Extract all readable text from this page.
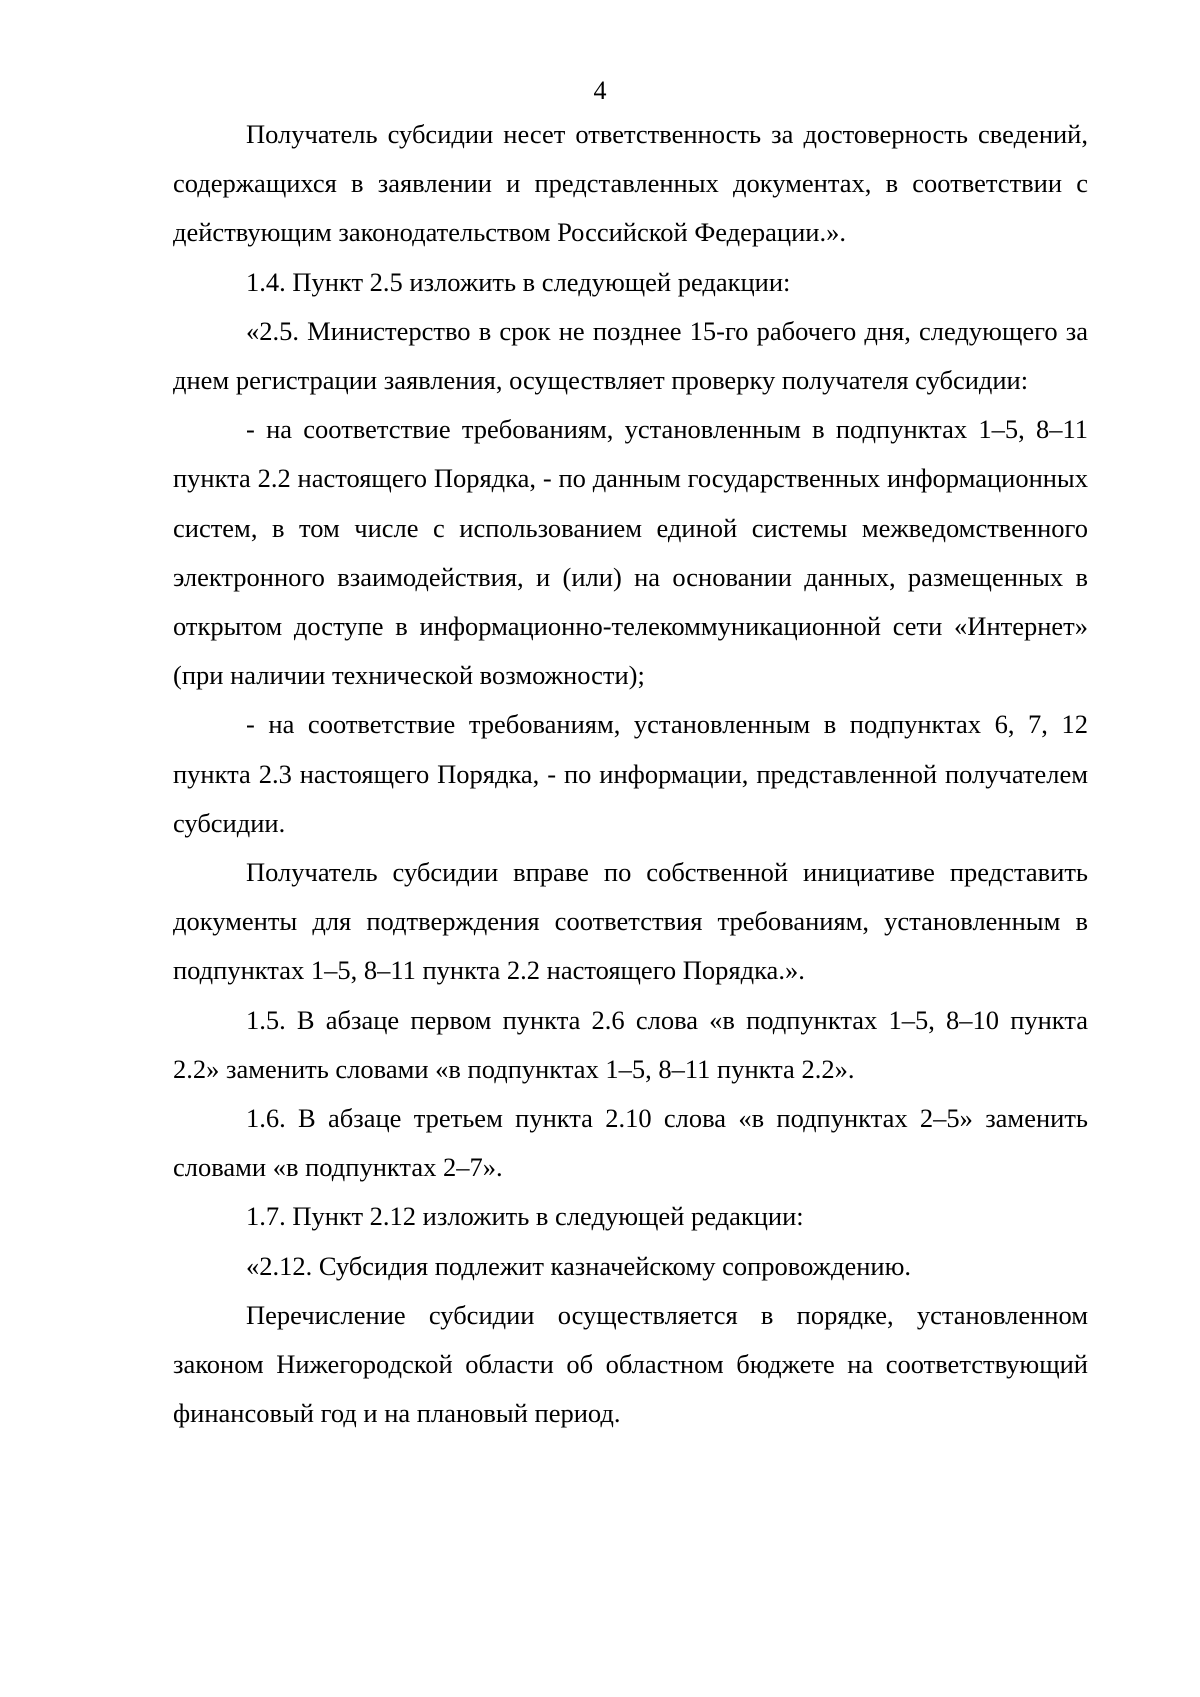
4

Получатель субсидии несет ответственность за достоверность сведений, содержащихся в заявлении и представленных документах, в соответствии с действующим законодательством Российской Федерации.».

1.4. Пункт 2.5 изложить в следующей редакции:

«2.5. Министерство в срок не позднее 15-го рабочего дня, следующего за днем регистрации заявления, осуществляет проверку получателя субсидии:

- на соответствие требованиям, установленным в подпунктах 1–5, 8–11 пункта 2.2 настоящего Порядка, - по данным государственных информационных систем, в том числе с использованием единой системы межведомственного электронного взаимодействия, и (или) на основании данных, размещенных в открытом доступе в информационно-телекоммуникационной сети «Интернет» (при наличии технической возможности);

- на соответствие требованиям, установленным в подпунктах 6, 7, 12 пункта 2.3 настоящего Порядка, - по информации, представленной получателем субсидии.

Получатель субсидии вправе по собственной инициативе представить документы для подтверждения соответствия требованиям, установленным в подпунктах 1–5, 8–11 пункта 2.2 настоящего Порядка.».

1.5. В абзаце первом пункта 2.6 слова «в подпунктах 1–5, 8–10 пункта 2.2» заменить словами «в подпунктах 1–5, 8–11 пункта 2.2».

1.6. В абзаце третьем пункта 2.10 слова «в подпунктах 2–5» заменить словами «в подпунктах 2–7».

1.7. Пункт 2.12 изложить в следующей редакции:

«2.12. Субсидия подлежит казначейскому сопровождению.

Перечисление субсидии осуществляется в порядке, установленном законом Нижегородской области об областном бюджете на соответствующий финансовый год и на плановый период.
